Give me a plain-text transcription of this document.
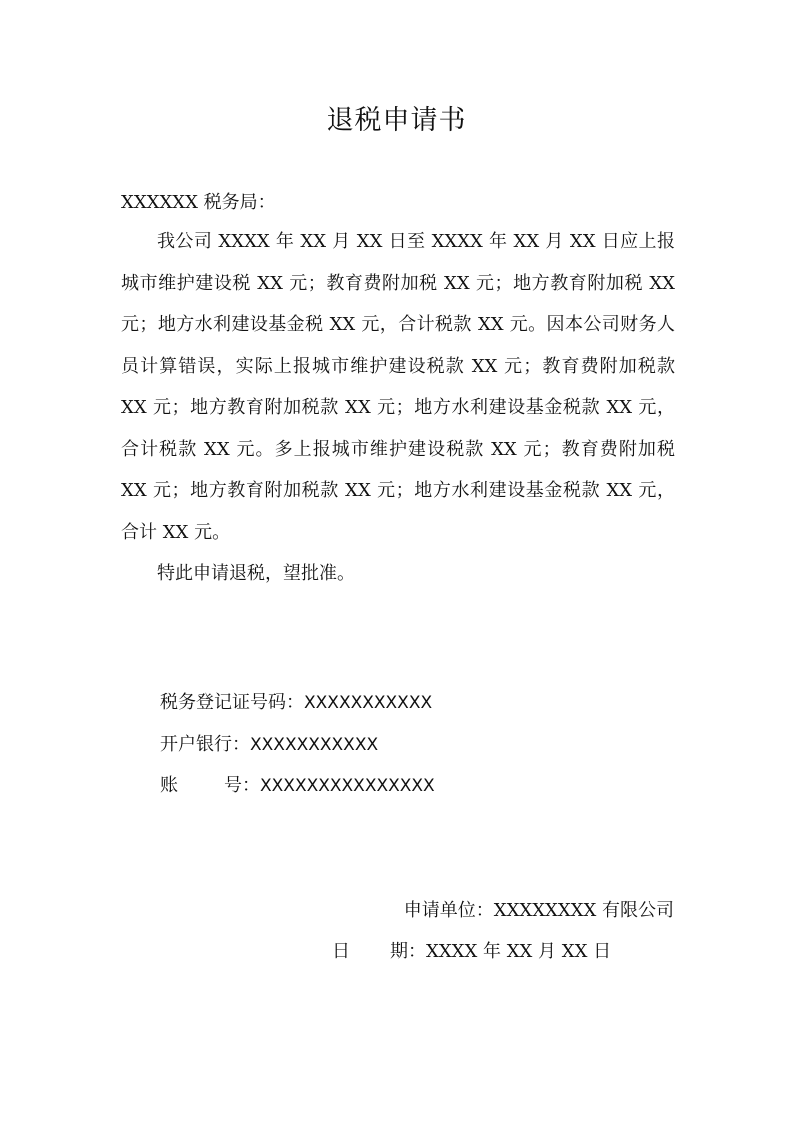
退税申请书
XXXXXX 税务局：

我公司 XXXX 年 XX 月 XX 日至 XXXX 年 XX 月 XX 日应上报城市维护建设税 XX 元；教育费附加税 XX 元；地方教育附加税 XX 元；地方水利建设基金税 XX 元，合计税款 XX 元。因本公司财务人员计算错误，实际上报城市维护建设税款 XX 元；教育费附加税款 XX 元；地方教育附加税款 XX 元；地方水利建设基金税款 XX 元，合计税款 XX 元。多上报城市维护建设税款 XX 元；教育费附加税 XX 元；地方教育附加税款 XX 元；地方水利建设基金税款 XX 元，合计 XX 元。

特此申请退税，望批准。

税务登记证号码：XXXXXXXXXXX
开户银行：XXXXXXXXXXX
账	号：XXXXXXXXXXXXXXX
申请单位：XXXXXXXX 有限公司
日 期：XXXX 年 XX 月 XX 日
